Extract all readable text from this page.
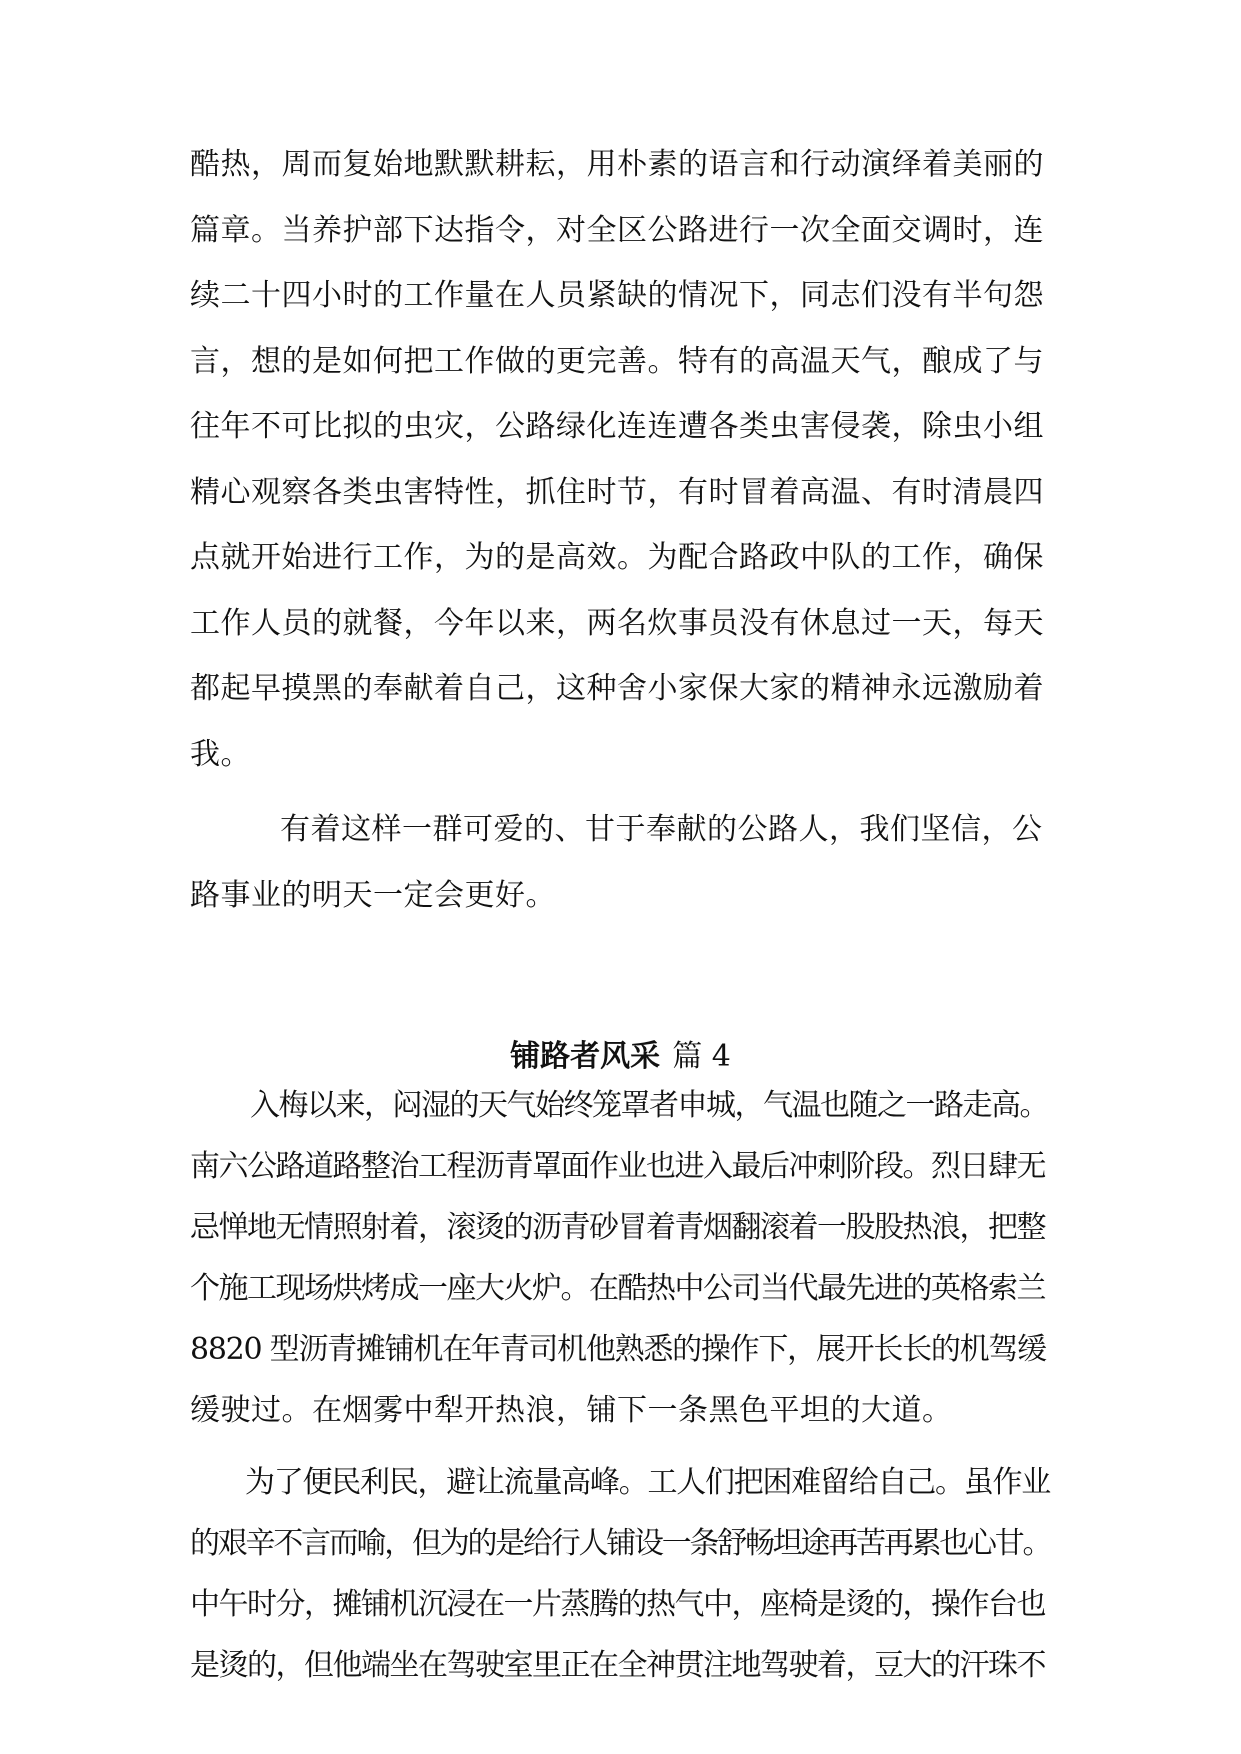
酷热，周而复始地默默耕耘，用朴素的语言和行动演绎着美丽的
篇章。当养护部下达指令，对全区公路进行一次全面交调时，连
续二十四小时的工作量在人员紧缺的情况下，同志们没有半句怨
言，想的是如何把工作做的更完善。特有的高温天气，酿成了与
往年不可比拟的虫灾，公路绿化连连遭各类虫害侵袭，除虫小组
精心观察各类虫害特性，抓住时节，有时冒着高温、有时清晨四
点就开始进行工作，为的是高效。为配合路政中队的工作，确保
工作人员的就餐，今年以来，两名炊事员没有休息过一天，每天
都起早摸黑的奉献着自己，这种舍小家保大家的精神永远激励着
我。
有着这样一群可爱的、甘于奉献的公路人，我们坚信，公
路事业的明天一定会更好。
铺路者风采 篇 4
入梅以来，闷湿的天气始终笼罩者申城，气温也随之一路走高。
南六公路道路整治工程沥青罩面作业也进入最后冲刺阶段。烈日肆无
忌惮地无情照射着，滚烫的沥青砂冒着青烟翻滚着一股股热浪，把整
个施工现场烘烤成一座大火炉。在酷热中公司当代最先进的英格索兰
8820 型沥青摊铺机在年青司机他熟悉的操作下，展开长长的机驾缓
缓驶过。在烟雾中犁开热浪，铺下一条黑色平坦的大道。
为了便民利民，避让流量高峰。工人们把困难留给自己。虽作业
的艰辛不言而喻，但为的是给行人铺设一条舒畅坦途再苦再累也心甘。
中午时分，摊铺机沉浸在一片蒸腾的热气中，座椅是烫的，操作台也
是烫的，但他端坐在驾驶室里正在全神贯注地驾驶着，豆大的汗珠不
